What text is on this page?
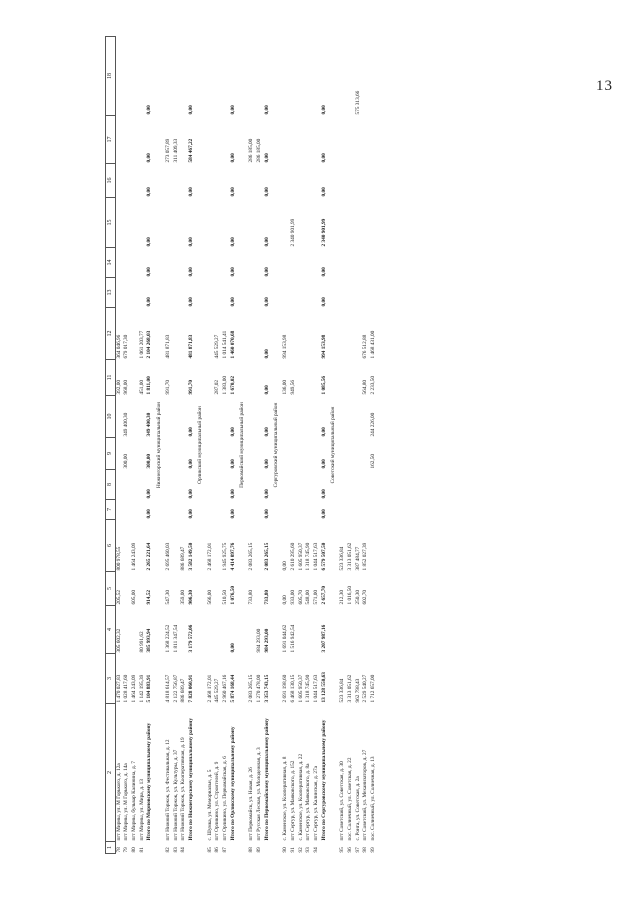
13
1	2	3	4	5	6	7	8	9	10	11	12	13	14	15	16	17	18
78	пгт Мирны, ул. М Горького, д. 12а	1 470 027,83	305 602,32	205,52	800 978,55					392,00	364 046,96						
79	пгт Мирны, ул. М Горького, д. 14а	1 028 417,60						300,00	349 400,30	968,00	679 017,30						
80	пгт Мирны, бульвар Калинина, д. 7	1 464 243,09		605,00	1 464 243,09												
81	пгт Мирны, ул. Мира, д. 13	1 142 195,39	80 991,62							451,00	1 061 203,77						
	Итого по Мирновскому муниципальному району	5 104 883,91	385 993,94	914,52	2 265 221,64	0,00	0,00	300,00	349 400,30	1 811,00	2 104 268,03	0,00	0,00	0,00	0,00	0,00	0,00
Нижнегорский муниципальный район																	
82	пгт Нижний Торжок, ул. Фестивальная, д. 12	4 818 614,57	1 368 224,52	547,30	2 695 460,03					991,70	481 871,83					273 057,89	
83	пгт Нижний Торжок, ул. Культуры, д. 37	2 122 756,87	1 811 347,54													311 409,33	
84	пгт Нижний Торжок, ул. Кооперативная, д. 19	886 689,47		359,00	886 689,47												
	Итого по Нижнегорскому муниципальному району	7 828 060,91	3 179 572,06	906,30	3 582 149,50	0,00	0,00	0,00	0,00	991,70	481 871,83	0,00	0,00	0,00	0,00	584 467,22	0,00
Орликский муниципальный район																	
85	с. Шумка, ул. Мемориальн, д. 5	2 468 172,01		566,00	2 468 172,01												
86	пгт Орликино, ул. Строителей, д. 9	445 529,27								287,02	445 529,27						
87	пгт Орликино, ул. Первомайская, д. 6	2 960 467,16		510,50	1 945 925,75					1 383,00	1 014 541,41						
	Итого по Орликскому муниципальному району	5 874 168,44	0,00	1 076,50	4 414 097,76	0,00	0,00	0,00	0,00	1 670,02	1 460 070,68	0,00	0,00	0,00	0,00	0,00	0,00
Первомайский муниципальный район																	
88	пгт Первомайск, ул. Новая, д. 26	2 083 265,15		733,80	2 083 265,15											286 185,00	
89	пгт Русская Лесная, ул. Молодежная, д. 3	1 270 478,00	984 293,00													286 185,00	
	Итого по Первомайскому муниципальному району	3 353 743,15	984 293,00	733,80	2 083 265,15	0,00	0,00	0,00	0,00	0,00	0,00	0,00	0,00	0,00	0,00	0,00	0,00
Сергуровский муниципальный район																	
90	с. Каменское, ул. Кооперативная, д. 8	2 691 198,60	1 691 044,62	0,00	0,00					136,00	994 153,98						
91	пгт Сергур, ул. Маяковского, д. 152	6 468 130,15	1 516 942,54	933,00	2 610 295,60					949,56				2 340 901,99			
92	с. Каменское, ул. Кооперативная, д. 22	1 605 950,37		605,70	1 605 950,37												
93	пгт Сергур, ул. Маяковского, д. 8а	1 318 745,90		548,00	1 318 745,90												
94	пгт Сергур, ул. Калинская, д. 27а	1 044 517,63		571,00	1 044 517,63												
	Итого по Сергуровскому муниципальному району	13 128 550,63	3 207 987,16	2 657,70	6 579 507,50	0,00	0,00	0,00	0,00	1 085,56	994 153,98	0,00	0,00	2 340 901,99	0,00	0,00	0,00
Советский муниципальный район																	
95	пгт Советский, ул. Советская, д. 30	523 336,84		212,30	523 336,84												
96	пос. Солнечный, ул. Советская, д. 22	3 313 051,62		1 016,50	3 313 051,62												
97	с. Ронга, ул. Советская, д. 2а	962 798,43		250,30	387 484,77												575 313,66
98	пгт Советский, ул. Механизаторов, д. 27	2 529 540,27		602,70	1 852 027,39					564,80	676 512,88						
99	пос. Солнечный, ул. Солнечная, д. 13	1 712 657,00						162,50	244 226,00	2 233,50	1 468 431,00						
